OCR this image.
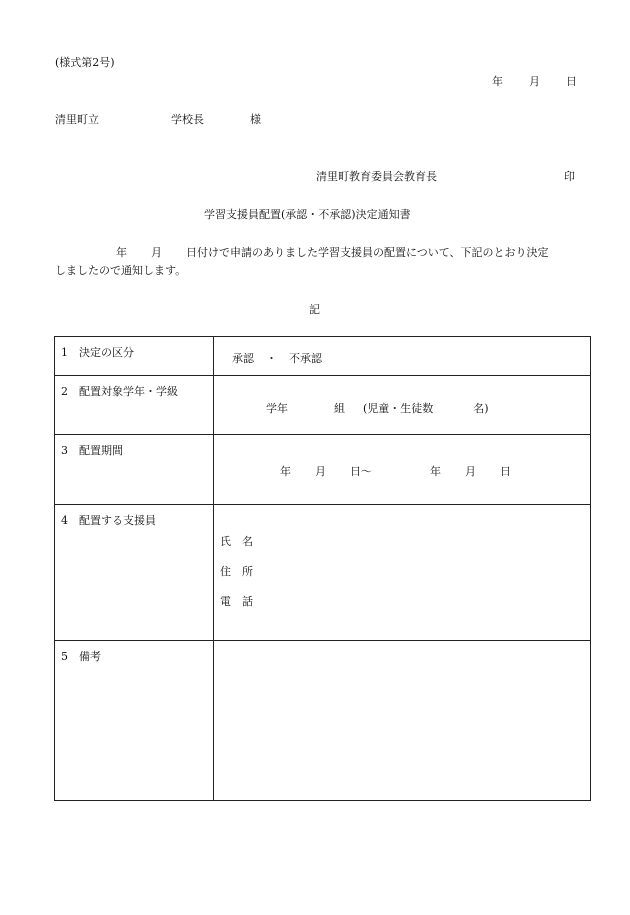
(様式第2号)
年 月 日
清里町立	学校長	様
清里町教育委員会教育長	印
学習支援員配置(承認・不承認)決定通知書
年 月 日付けで申請のありました学習支援員の配置について、下記のとおり決定
しましたので通知します。
記
1 決定の区分	承認 ・ 不承認

2 配置対象学年・学級	学年 組 (児童・生徒数 名)

3 配置期間	年 月 日〜 年 月 日

4 配置する支援員	氏　名
住　所
電　話

5 備考	
